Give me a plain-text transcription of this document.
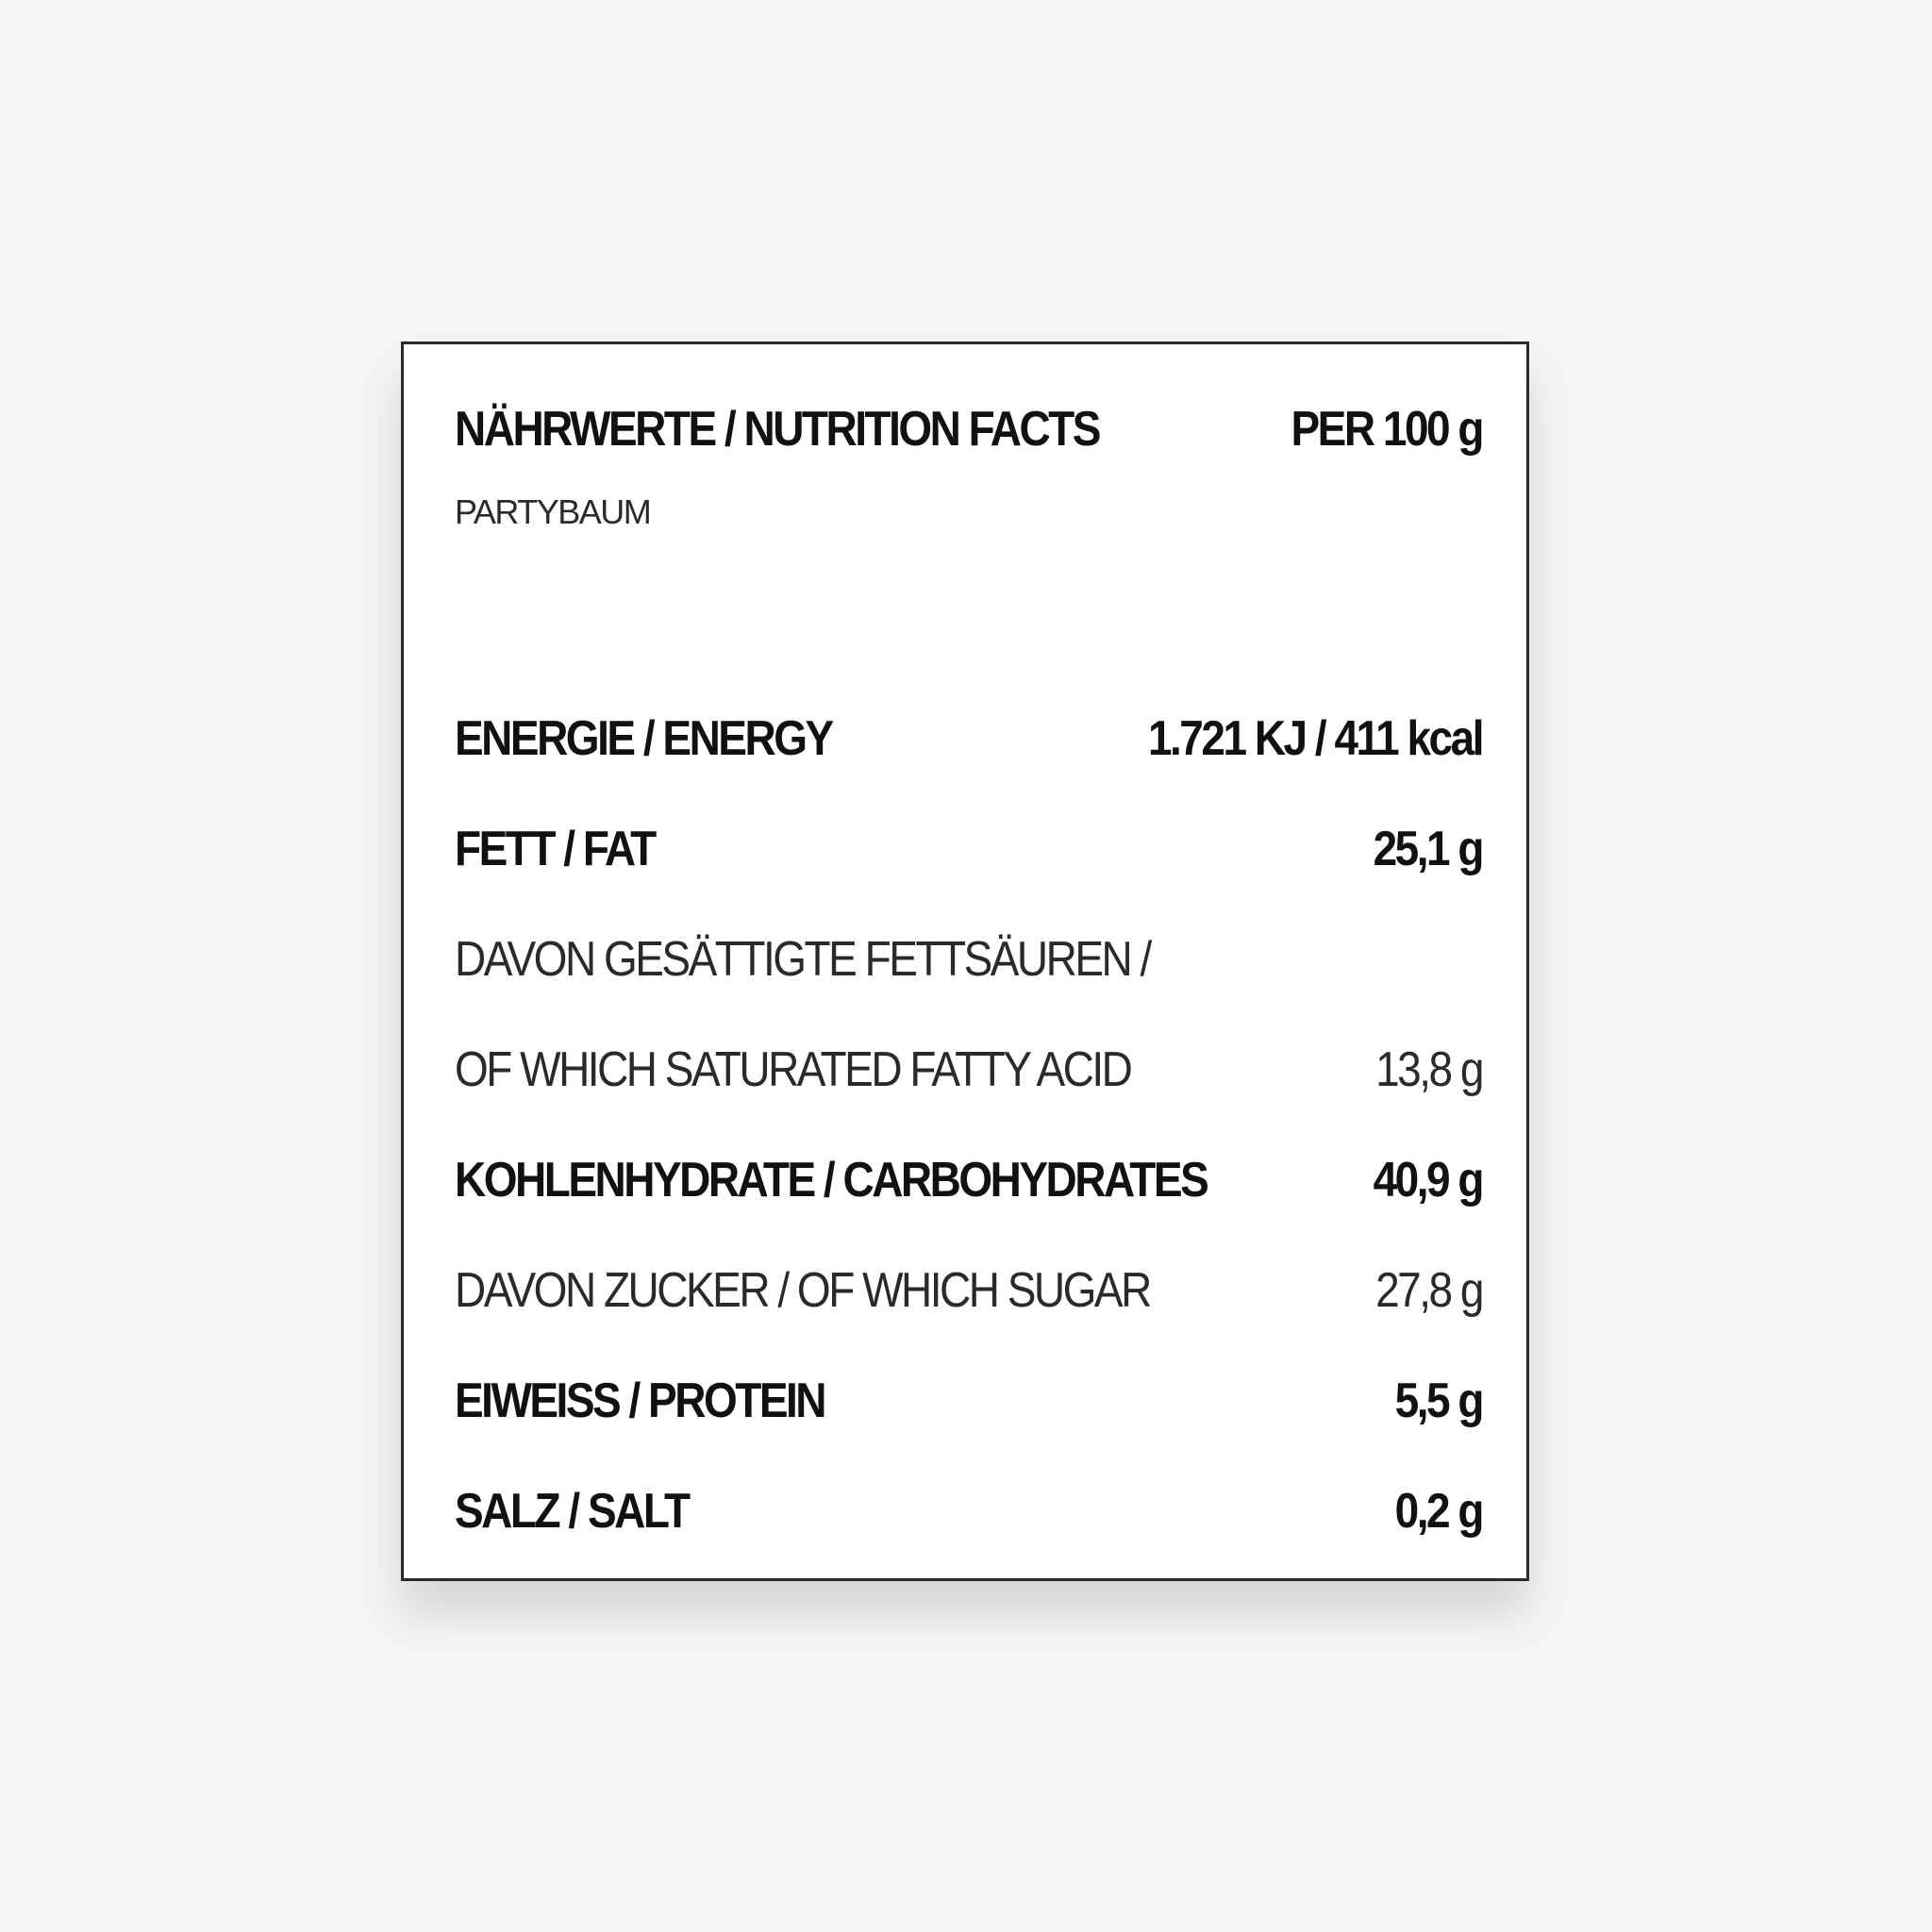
NÄHRWERTE / NUTRITION FACTS	PER 100 g
PARTYBAUM
ENERGIE / ENERGY	1.721 KJ / 411 kcal
FETT / FAT	25,1 g
DAVON GESÄTTIGTE FETTSÄUREN /
OF WHICH SATURATED FATTY ACID	13,8 g
KOHLENHYDRATE / CARBOHYDRATES	40,9 g
DAVON ZUCKER / OF WHICH SUGAR	27,8 g
EIWEISS / PROTEIN	5,5 g
SALZ / SALT	0,2 g
